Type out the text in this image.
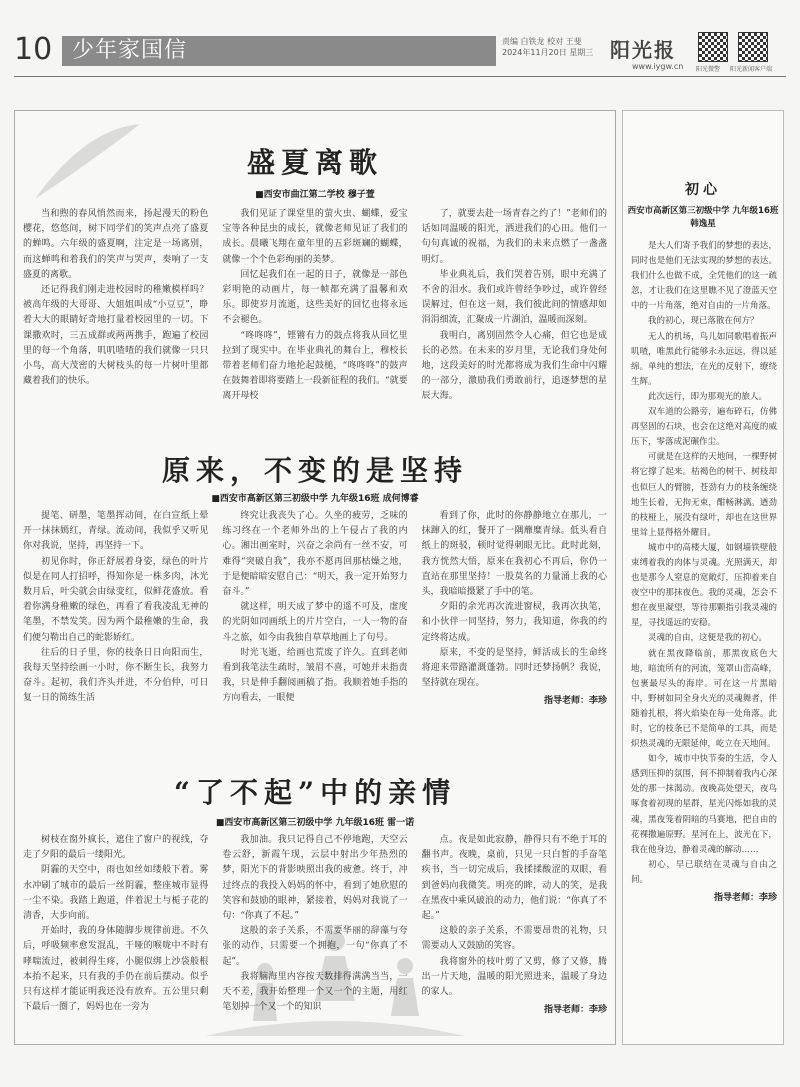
10 少年家国信	责编 白铁龙 校对 王斐
2024年11月20日 星期三 阳光报
www.iygw.cn 阳光微警 阳光新闻客户端
盛夏离歌
■西安市曲江第二学校 穆子萱

当和煦的春风悄然而来，扬起漫天的粉色樱花，悠悠间，树下同学们的笑声点亮了盛夏的蝉鸣。六年级的盛夏啊，注定是一场离别，而这蝉鸣和着我们的笑声与哭声，奏响了一支盛夏的离歌。

还记得我们刚走进校园时的稚嫩模样吗？被高年级的大哥哥、大姐姐叫成“小豆豆”，睁着大大的眼睛好奇地打量着校园里的一切。下课撒欢时，三五成群或两两携手，跑遍了校园里的每一个角落，叽叽喳喳的我们就像一只只小鸟，高大茂密的大树枝头的每一片树叶里都藏着我们的快乐。

我们见证了课堂里的萤火虫、蝴蝶，爱宝宝等各种昆虫的成长，就像老师见证了我们的成长。晨曦飞翔在童年里的五彩斑斓的蝴蝶，就像一个个色彩绚丽的美梦。

回忆起我们在一起的日子，就像是一部色彩明艳的动画片，每一帧都充满了温馨和欢乐。即使岁月流逝，这些美好的回忆也将永远不会褪色。

“咚咚咚”，铿锵有力的鼓点将我从回忆里拉到了现实中。在毕业典礼的舞台上，穆校长带着老师们奋力地抡起鼓槌，“咚咚咚”的鼓声在鼓舞着即将要踏上一段新征程的我们。“就要离开母校

了，就要去赴一场青春之约了！”老师们的话如同温暖的阳光，洒进我们的心田。他们一句句真诚的祝福，为我们的未来点燃了一盏盏明灯。

毕业典礼后，我们哭着告别，眼中充满了不舍的泪水。我们或许曾经争吵过，或许曾经误解过，但在这一刻，我们彼此间的情感却如涓涓细流，汇聚成一片湖泊，温暖而深刻。

我明白，离别固然令人心痛，但它也是成长的必然。在未来的岁月里，无论我们身处何地，这段美好的时光都将成为我们生命中闪耀的一部分，激励我们勇敢前行，追逐梦想的星辰大海。

原来，不变的是坚持
■西安市高新区第三初级中学 九年级16班 成何博睿

提笔、研墨，笔墨挥动间，在白宣纸上晕开一抹抹嫣红，青绿。流动间，我似乎又听见你对我说，坚持，再坚持一下。

初见你时，你正舒展着身姿，绿色的叶片似是在同人打招呼，得知你是一株多肉，沐光数月后，叶尖就会由绿变红，似鲜花盛放。看着你满身稚嫩的绿色，再看了看我凌乱无神的笔墨，不禁发笑。因为两个最稚嫩的生命，我们便匀勒出自己的蛇影娇红。

往后的日子里，你的枝条日日向阳而生，我每天坚持绘画一小时，你不断生长，我努力奋斗。起初，我们齐头并进，不分伯仲，可日复一日的简练生活

终究让我丧失了心。久坐的疲劳，乏味的练习终在一个老师外出的上午侵占了我的内心。湘出画室时，兴奋之余尚有一丝不安，可难得“突破自我”，我亦不愿再回那枯燥之地，于是便暗暗安慰自己：“明天，我一定开始努力奋斗。”

就这样，明天成了梦中的遥不可及，虚度的光阴如同画纸上的片片空白，一人一物的奋斗之旅，如今由我独自草草地画上了句号。

时光飞逝，给画也荒废了许久。直到老师看到我笔法生疏时，皱眉不喜，可她并未指责我，只是伸手翻阅画稿了指。我顺着她手指的方向看去，一眼便

看到了你，此时的你静静地立在那儿，一抹蹿入的红，餐开了一隅蘼糜青绿。低头看自纸上的斑驳，顿时觉得刺眼无比。此时此刻，我方恍然大悟，原来在我初心不再后，你仍一直站在那里坚持！一股莫名的力量涌上我的心头，我暗暗摄紧了手中的笔。

夕阳的余光再次流进窗棂，我再次执笔，和小伙伴一同坚持，努力，我知道，你我的约定终将达成。

原来，不变的是坚持，鲜活成长的生命终将迎来带路灌溉蓬勃。同时还梦扬帆？我说，坚持就在现在。

指导老师：李珍
“了不起”中的亲情
■西安市高新区第三初级中学 九年级16班 雷一诺

树枝在窗外疯长，遮住了窗户的视线，夺走了夕阳的最后一缕阳光。

阴霾的天空中，雨也如丝如缕般下着。雾水冲刷了城市的最后一丝阴霾，整座城市显得一尘不染。我踏上跑道，伴着泥土与栀子花的清香，大步向前。

开始时，我的身体随脚步规律前进。不久后，呼吸频率愈发混乱，干哑的喉咙中不时有哮喘流过，被刺得生疼，小腿似绑上沙袋般根本抬不起来，只有我的手仍在前后摆动。似乎只有这样才能证明我还没有放弃。五公里只剩下最后一圈了，妈妈也在一旁为

我加油。我只记得自己不停地跑，天空云卷云舒，新霞午现，云层中射出少年热烈的梦，阳光下的背影映照出我的疲惫。终于，冲过终点的我投入妈妈的怀中，看到了她欣慰的笑容和鼓励的眼神，紧接着，妈妈对我说了一句：“你真了不起。”

这般的亲子关系，不需要华丽的辞藻与夸张的动作，只需要一个拥抱，一句“你真了不起”。

我将脑海里内容按天数排得满满当当，一天不差，我开始整理一个又一个的主题，用红笔划掉一个又一个的知识

点。夜是如此寂静，静得只有不绝于耳的翻书声。夜晚，桌前，只见一只白皙的手奋笔疾书，当一切完成后，我揉揉酸涩的双眼，看到爸妈向我微笑。明亮的眸，动人的笑，是我在黑夜中乘风破浪的动力，他们说：“你真了不起。”

这般的亲子关系，不需要昂贵的礼物，只需要动人又鼓励的笑容。

我将窗外的枝叶剪了又剪，修了又修，腾出一片天地，温暖的阳光照进来，温暖了身边的家人。

指导老师：李珍
初心
西安市高新区第三初级中学 九年级16班 韩逸星

是大人们寄予我们的梦想的表达，同时也是他们无法实现的梦想的表达。我们什么也做不成，全凭他们的这一疏忽，才让我们在这里瞧不见了澄蓝天空中的一片角落，绝对自由的一片角落。

我的初心，现已落散在何方？

无人的机场，鸟儿如同歌唱着振声叽喳，唯黑此行能够永永远远，得以延绵。单纯的想法，在光的反射下，缭绕生辉。

此次远行，即为那观光的旅人。

双车道的公路旁，遍布碎石，仿佛再坚固的石块，也会在这绝对高度的威压下，零落成泥碾作尘。

可就是在这样的天地间，一棵野树将它撑了起来。枯褐色的树干、树枝却也似巨人的臂膀，苍劲有力的枝条缠绕地生长着，无拘无束，酣畅淋漓。遒劲的枝桠上，展没有绿叶，却也在这世界里耸上显得格外耀目。

城市中的高楼大厦，如钢墙铁壁般束缚着我的肉体与灵魂。光照满天，却也是那今人窒息的宽敞灯，压抑着来自夜空中的那抹夜色。我的灵魂，怎会不想在夜里凝望，等待那颗指引我灵魂的星，寻找遥远的安稳。

灵魂的自由，这便是我的初心。

就在黑夜降临前，那黑夜底色大地，暗流所有的河流，笼罩山峦高峰，包裹最尽头的海岸。可在这一片黑暗中，野树如同全身火光的灵魂舞者，伴随着扎根，将火焰染在每一处角落。此时，它的枝条已不是简单的工具，而是炽热灵魂的无限延伸，屹立在天地间。

如今，城市中快节奏的生活，令人感到压抑的氛围，何不抑制着我内心深处的那一抹渴动。夜晚高处望天，夜鸟啄食着初现的星群，星光闪烁如我的灵魂，黑夜笼着阴暗的马赛地，把自由的花裸撒遍原野。星河在上，波光在下，我在他身边，静着灵魂的解动……

初心，早已联结在灵魂与自由之间。

指导老师：李珍
